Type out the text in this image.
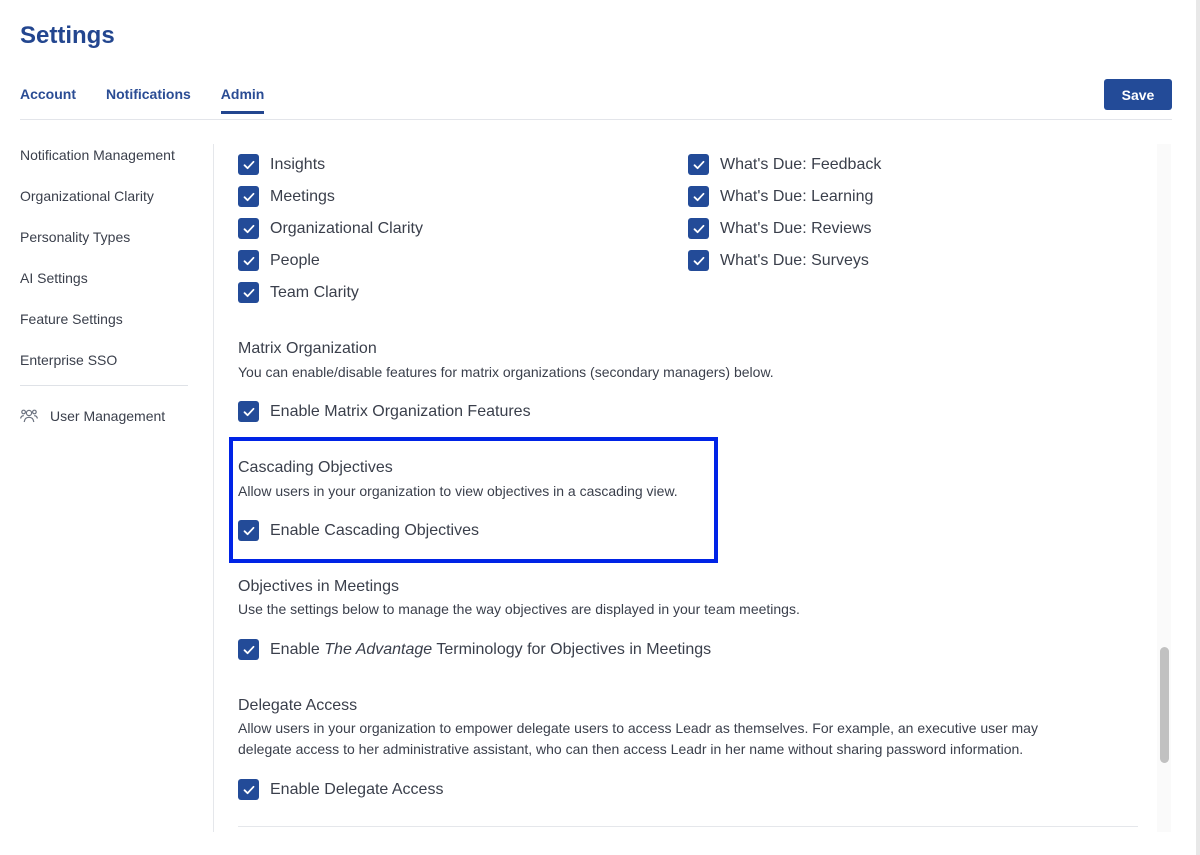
Settings
Account Notifications Admin	Save
Notification Management
Organizational Clarity
Personality Types
AI Settings
Feature Settings
Enterprise SSO
User Management
Insights
Meetings
Organizational Clarity
People
Team Clarity
What's Due: Feedback
What's Due: Learning
What's Due: Reviews
What's Due: Surveys
Matrix Organization
You can enable/disable features for matrix organizations (secondary managers) below.
Enable Matrix Organization Features
Cascading Objectives
Allow users in your organization to view objectives in a cascading view.
Enable Cascading Objectives
Objectives in Meetings
Use the settings below to manage the way objectives are displayed in your team meetings.
Enable The Advantage Terminology for Objectives in Meetings
Delegate Access
Allow users in your organization to empower delegate users to access Leadr as themselves. For example, an executive user may
delegate access to her administrative assistant, who can then access Leadr in her name without sharing password information.
Enable Delegate Access
